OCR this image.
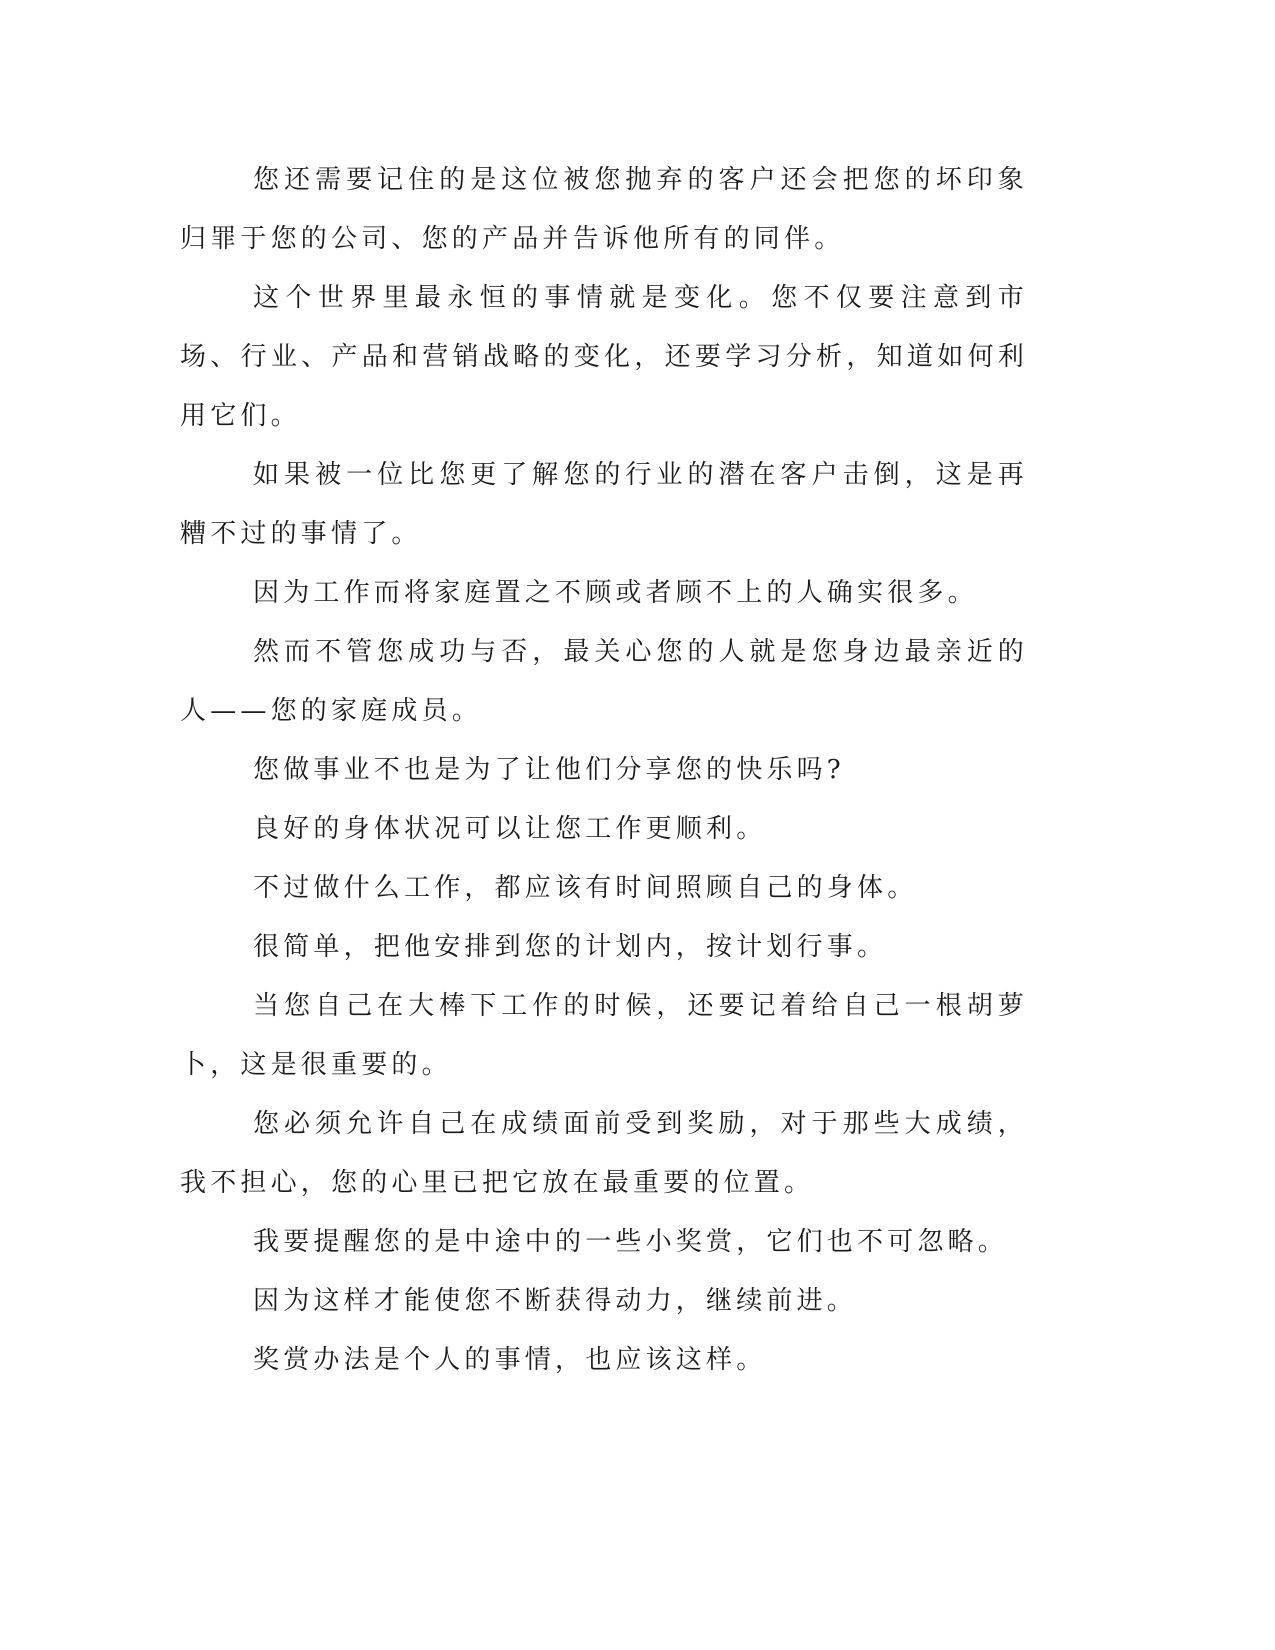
您还需要记住的是这位被您抛弃的客户还会把您的坏印象归罪于您的公司、您的产品并告诉他所有的同伴。

这个世界里最永恒的事情就是变化。您不仅要注意到市场、行业、产品和营销战略的变化，还要学习分析，知道如何利用它们。

如果被一位比您更了解您的行业的潜在客户击倒，这是再糟不过的事情了。

因为工作而将家庭置之不顾或者顾不上的人确实很多。

然而不管您成功与否，最关心您的人就是您身边最亲近的人——您的家庭成员。

您做事业不也是为了让他们分享您的快乐吗?

良好的身体状况可以让您工作更顺利。

不过做什么工作，都应该有时间照顾自己的身体。

很简单，把他安排到您的计划内，按计划行事。

当您自己在大棒下工作的时候，还要记着给自己一根胡萝卜，这是很重要的。

您必须允许自己在成绩面前受到奖励，对于那些大成绩，我不担心，您的心里已把它放在最重要的位置。

我要提醒您的是中途中的一些小奖赏，它们也不可忽略。

因为这样才能使您不断获得动力，继续前进。

奖赏办法是个人的事情，也应该这样。
